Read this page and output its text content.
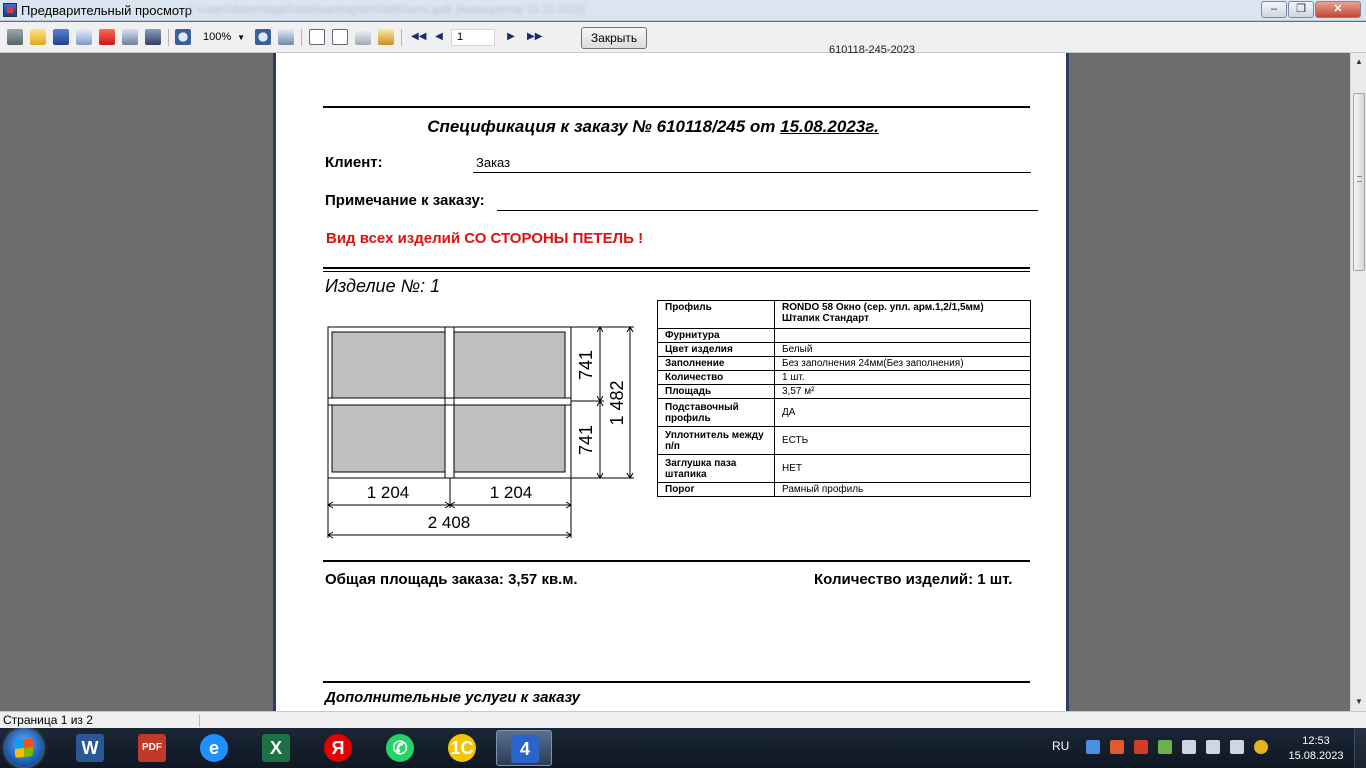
Предварительный просмотр
C:\Users\Admin\AppData\Roaming\WinSoft\Sumo.galk (Калькулятор 15.12.2023)	–	❐	✕
100% ▼	◀◀ ◀	1	▶ ▶▶	Закрыть
610118-245-2023
Спецификация к заказу № 610118/245 от 15.08.2023г.
Клиент:	Заказ
Примечание к заказу:
Вид всех изделий СО СТОРОНЫ ПЕТЕЛЬ !
Изделие №: 1
741
741
1 482
1 204	1 204
2 408
Профиль	RONDO 58 Окно (сер. упл. арм.1,2/1,5мм) Штапик Стандарт
Фурнитура	
Цвет изделия	Белый
Заполнение	Без заполнения 24мм(Без заполнения)
Количество	1 шт.
Площадь	3,57 м²
Подставочный профиль	ДА
Уплотнитель между п/п	ЕСТЬ
Заглушка паза штапика	НЕТ
Порог	Рамный профиль
Общая площадь заказа: 3,57 кв.м.	Количество изделий: 1 шт.
Дополнительные услуги к заказу
▲
▼
Страница 1 из 2
W	PDF	e	X	Я	✆	1С	4	RU	12:53
15.08.2023
